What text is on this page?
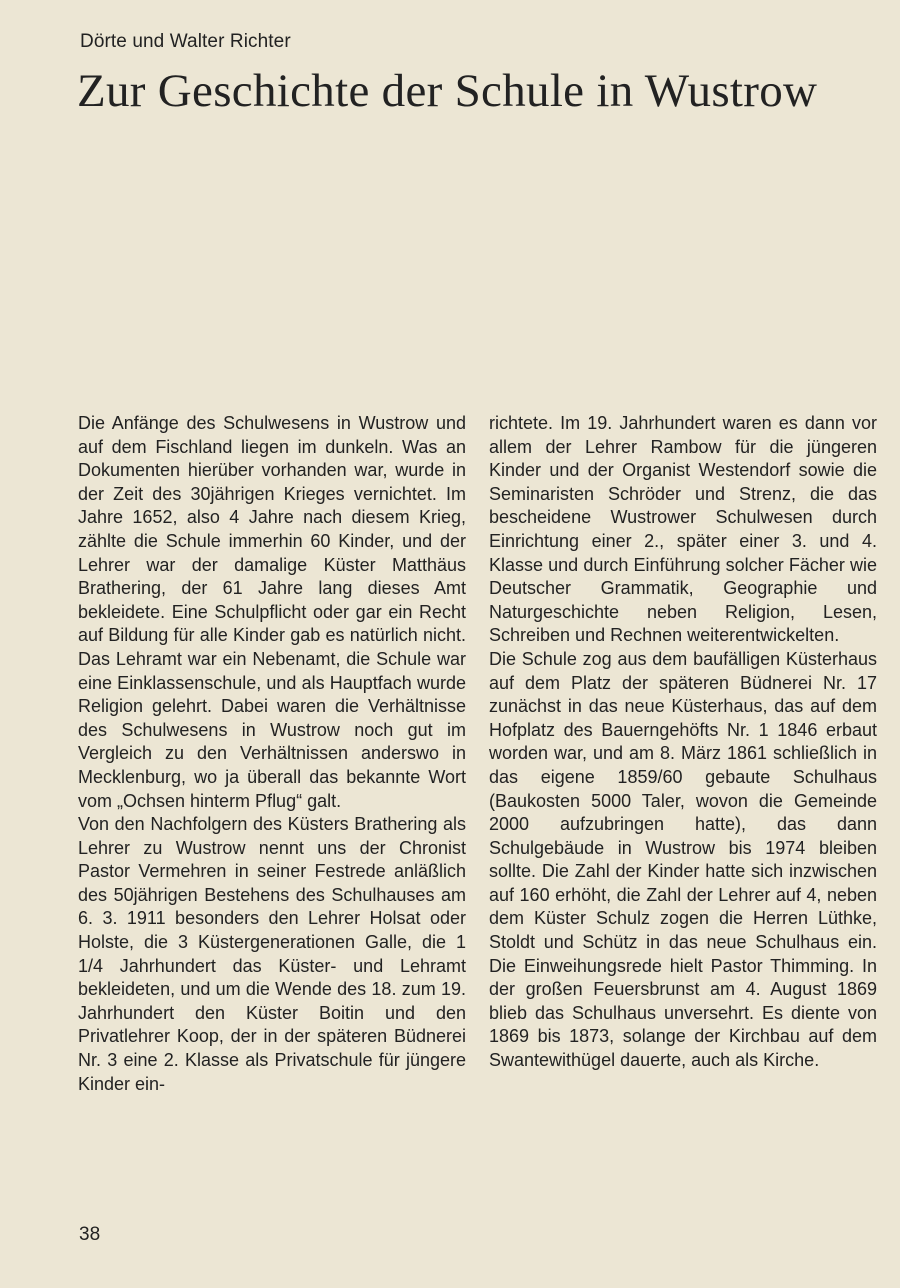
Dörte und Walter Richter
Zur Geschichte der Schule in Wustrow

Die Anfänge des Schulwesens in Wustrow und auf dem Fischland liegen im dunkeln. Was an Dokumenten hierüber vorhanden war, wurde in der Zeit des 30jährigen Krieges vernichtet. Im Jahre 1652, also 4 Jahre nach diesem Krieg, zählte die Schule immerhin 60 Kinder, und der Lehrer war der damalige Küster Matthäus Brathering, der 61 Jahre lang dieses Amt bekleidete. Eine Schulpflicht oder gar ein Recht auf Bildung für alle Kinder gab es natürlich nicht. Das Lehramt war ein Nebenamt, die Schule war eine Einklassenschule, und als Hauptfach wurde Religion gelehrt. Dabei waren die Verhältnisse des Schulwesens in Wustrow noch gut im Vergleich zu den Verhältnissen anderswo in Mecklenburg, wo ja überall das bekannte Wort vom „Ochsen hinterm Pflug“ galt.

Von den Nachfolgern des Küsters Brathering als Lehrer zu Wustrow nennt uns der Chronist Pastor Vermehren in seiner Festrede anläßlich des 50jährigen Bestehens des Schulhauses am 6. 3. 1911 besonders den Lehrer Holsat oder Holste, die 3 Küstergenerationen Galle, die 1 1/4 Jahrhundert das Küster- und Lehramt bekleideten, und um die Wende des 18. zum 19. Jahrhundert den Küster Boitin und den Privatlehrer Koop, der in der späteren Büdnerei Nr. 3 eine 2. Klasse als Privatschule für jüngere Kinder ein-

richtete. Im 19. Jahrhundert waren es dann vor allem der Lehrer Rambow für die jüngeren Kinder und der Organist Westendorf sowie die Seminaristen Schröder und Strenz, die das bescheidene Wustrower Schulwesen durch Einrichtung einer 2., später einer 3. und 4. Klasse und durch Einführung solcher Fächer wie Deutscher Grammatik, Geographie und Naturgeschichte neben Religion, Lesen, Schreiben und Rechnen weiterentwickelten.

Die Schule zog aus dem baufälligen Küsterhaus auf dem Platz der späteren Büdnerei Nr. 17 zunächst in das neue Küsterhaus, das auf dem Hofplatz des Bauerngehöfts Nr. 1 1846 erbaut worden war, und am 8. März 1861 schließlich in das eigene 1859/60 gebaute Schulhaus (Baukosten 5000 Taler, wovon die Gemeinde 2000 aufzubringen hatte), das dann Schulgebäude in Wustrow bis 1974 bleiben sollte. Die Zahl der Kinder hatte sich inzwischen auf 160 erhöht, die Zahl der Lehrer auf 4, neben dem Küster Schulz zogen die Herren Lüthke, Stoldt und Schütz in das neue Schulhaus ein. Die Einweihungsrede hielt Pastor Thimming. In der großen Feuersbrunst am 4. August 1869 blieb das Schulhaus unversehrt. Es diente von 1869 bis 1873, solange der Kirchbau auf dem Swantewithügel dauerte, auch als Kirche.

38
